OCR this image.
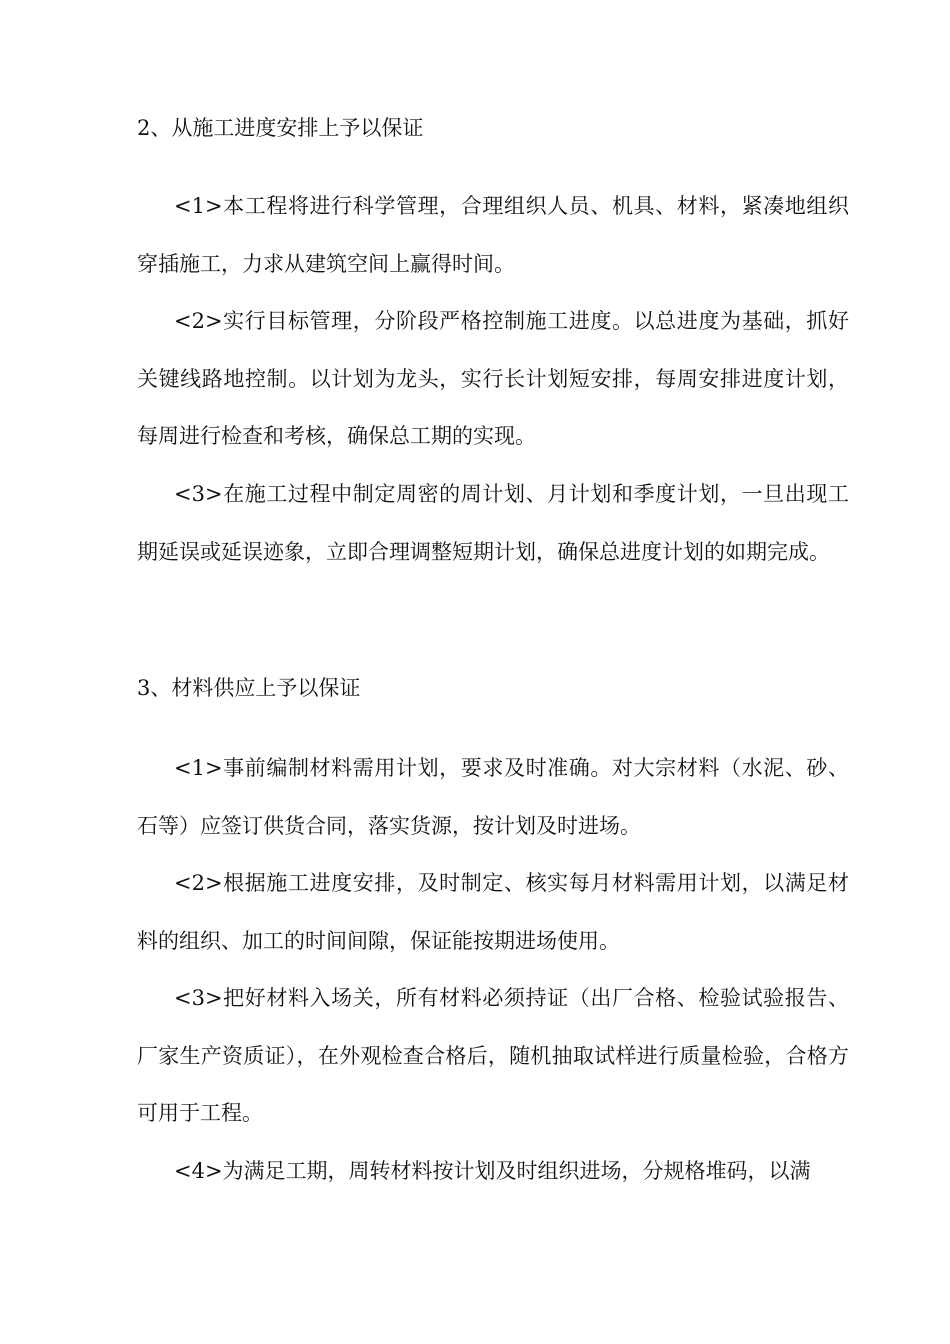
2、从施工进度安排上予以保证

<1>本工程将进行科学管理，合理组织人员、机具、材料，紧凑地组织穿插施工，力求从建筑空间上赢得时间。

<2>实行目标管理，分阶段严格控制施工进度。以总进度为基础，抓好关键线路地控制。以计划为龙头，实行长计划短安排，每周安排进度计划，每周进行检查和考核，确保总工期的实现。

<3>在施工过程中制定周密的周计划、月计划和季度计划，一旦出现工期延误或延误迹象，立即合理调整短期计划，确保总进度计划的如期完成。

3、材料供应上予以保证

<1>事前编制材料需用计划，要求及时准确。对大宗材料（水泥、砂、石等）应签订供货合同，落实货源，按计划及时进场。

<2>根据施工进度安排，及时制定、核实每月材料需用计划，以满足材料的组织、加工的时间间隙，保证能按期进场使用。

<3>把好材料入场关，所有材料必须持证（出厂合格、检验试验报告、厂家生产资质证），在外观检查合格后，随机抽取试样进行质量检验，合格方可用于工程。

<4>为满足工期，周转材料按计划及时组织进场，分规格堆码，以满
